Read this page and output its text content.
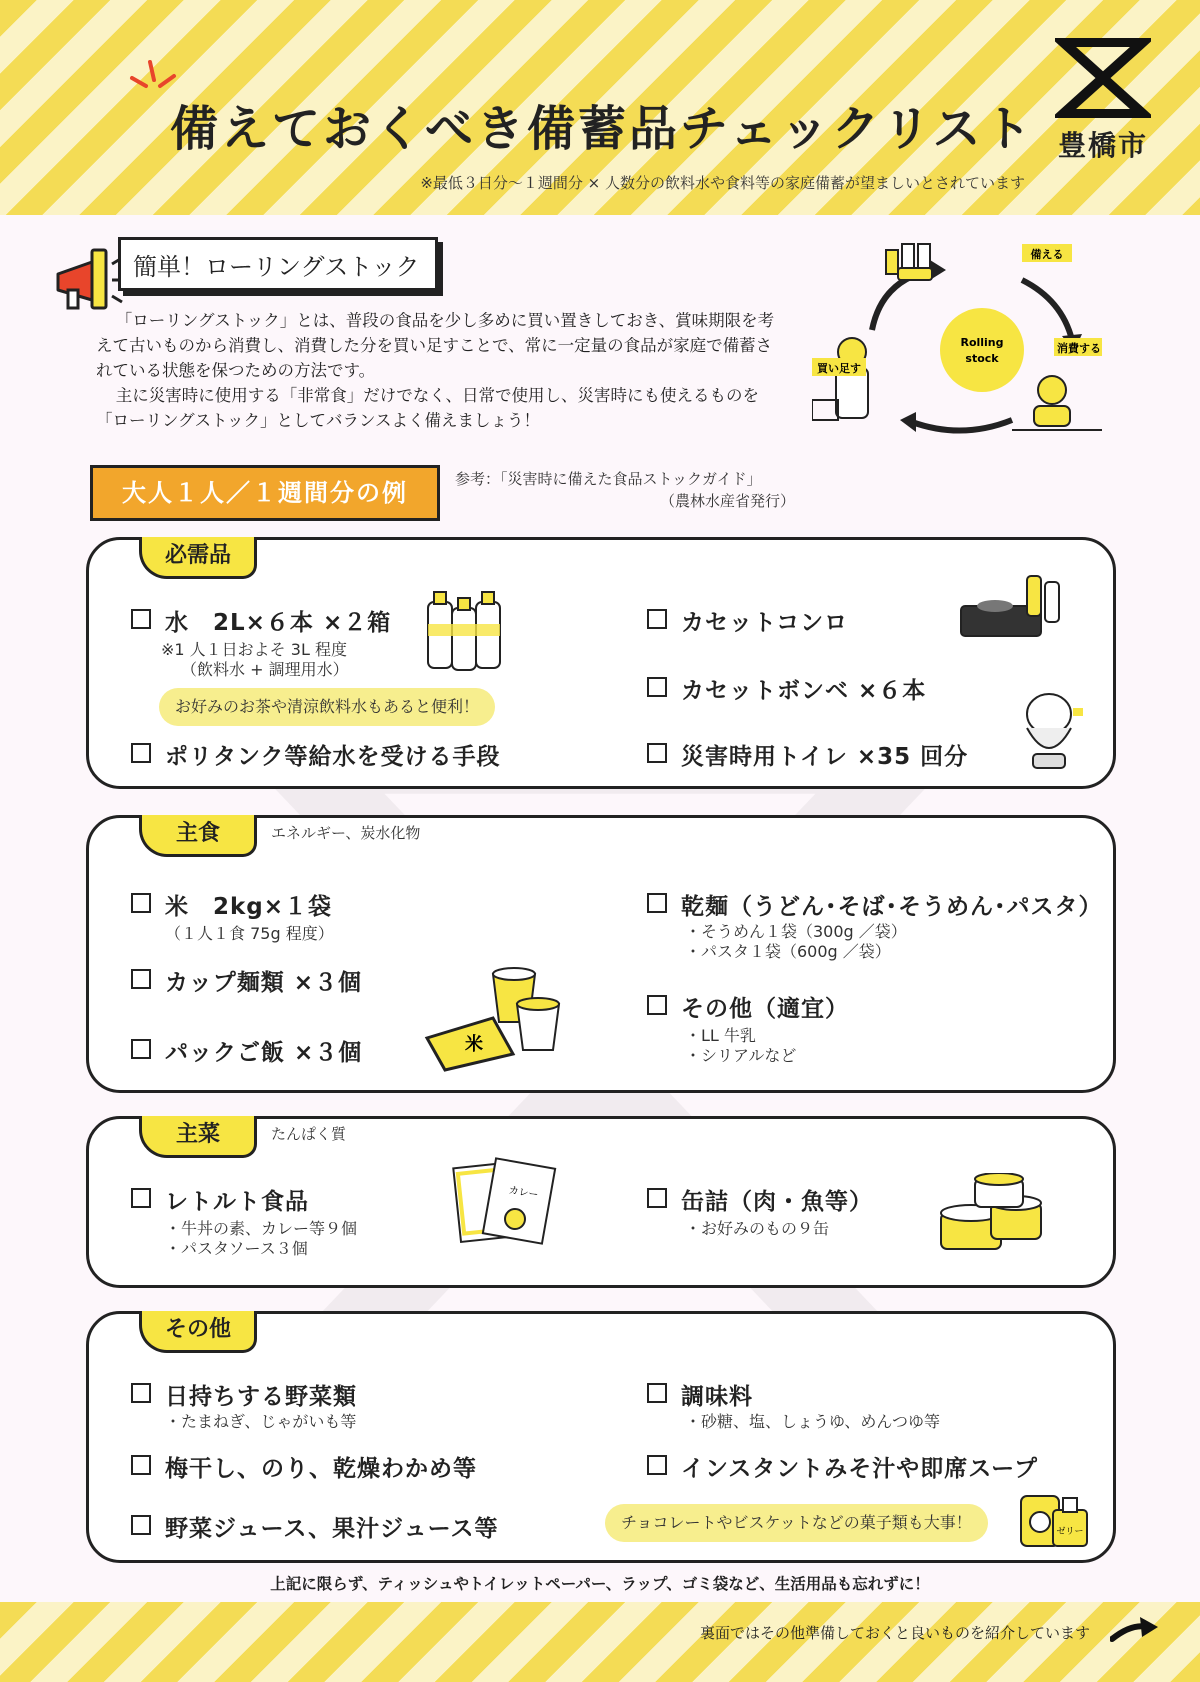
備えておくべき備蓄品チェックリスト
※最低３日分〜１週間分 × 人数分の飲料水や食料等の家庭備蓄が望ましいとされています
豊橋市
簡単！ローリングストック

「ローリングストック」とは、普段の食品を少し多めに買い置きしておき、賞味期限を考えて古いものから消費し、消費した分を買い足すことで、常に一定量の食品が家庭で備蓄されている状態を保つための方法です。

主に災害時に使用する「非常食」だけでなく、日常で使用し、災害時にも使えるものを「ローリングストック」としてバランスよく備えましょう！

Rolling
stock
備える
消費する
買い足す
大人１人／１週間分の例	参考：「災害時に備えた食品ストックガイド」
（農林水産省発行）
必需品
水　2L×６本 ×２箱
※1 人１日およそ 3L 程度
（飲料水 + 調理用水）
お好みのお茶や清涼飲料水もあると便利！
ポリタンク等給水を受ける手段
カセットコンロ
カセットボンベ ×６本
災害時用トイレ ×35 回分
主食	エネルギー、炭水化物
米　2kg×１袋
（１人１食 75g 程度）
カップ麺類 ×３個
パックご飯 ×３個	米
乾麺（うどん･そば･そうめん･パスタ）
・そうめん１袋（300g ／袋）
・パスタ１袋（600g ／袋）
その他（適宜）
・LL 牛乳
・シリアルなど
主菜	たんぱく質
レトルト食品
・牛丼の素、カレー等９個
・パスタソース３個
カレー	缶詰（肉・魚等）
・お好みのもの９缶
その他
日持ちする野菜類
・たまねぎ、じゃがいも等
梅干し、のり、乾燥わかめ等
野菜ジュース、果汁ジュース等
調味料
・砂糖、塩、しょうゆ、めんつゆ等
インスタントみそ汁や即席スープ
チョコレートやビスケットなどの菓子類も大事！	ゼリー
上記に限らず、ティッシュやトイレットペーパー、ラップ、ゴミ袋など、生活用品も忘れずに！
裏面ではその他準備しておくと良いものを紹介しています
